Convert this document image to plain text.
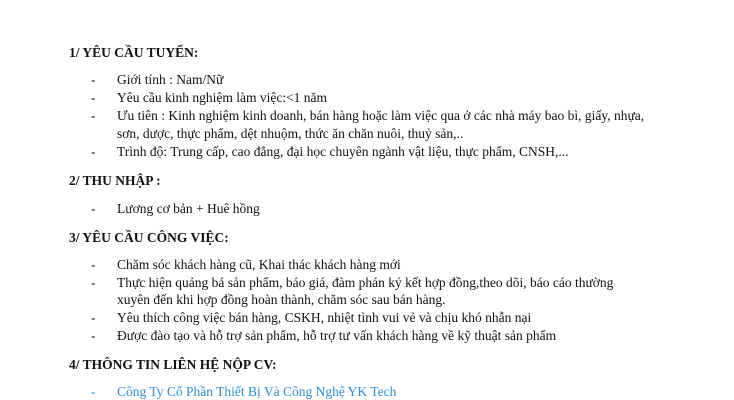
1/ YÊU CẦU TUYỂN:
-	Giới tính : Nam/Nữ
-	Yêu cầu kinh nghiệm làm việc:<1 năm
-	Ưu tiên : Kinh nghiệm kinh doanh, bán hàng hoặc làm việc qua ở các nhà máy bao bì, giấy, nhựa,
sơn, dược, thực phẩm, dệt nhuộm, thức ăn chăn nuôi, thuỷ sản,..
-	Trình độ: Trung cấp, cao đẳng, đại học chuyên ngành vật liệu, thực phẩm, CNSH,...
2/ THU NHẬP :
-	Lương cơ bản + Huê hồng
3/ YÊU CẦU CÔNG VIỆC:
-	Chăm sóc khách hàng cũ, Khai thác khách hàng mới
-	Thực hiện quảng bá sản phẩm, báo giá, đàm phán ký kết hợp đồng,theo dõi, báo cáo thường
xuyên đến khi hợp đồng hoàn thành, chăm sóc sau bán hàng.
-	Yêu thích công việc bán hàng, CSKH, nhiệt tình vui vẻ và chịu khó nhẫn nại
-	Được đào tạo và hỗ trợ sản phẩm, hỗ trợ tư vấn khách hàng về kỹ thuật sản phẩm
4/ THÔNG TIN LIÊN HỆ NỘP CV:
-	Công Ty Cổ Phần Thiết Bị Và Công Nghệ YK Tech
